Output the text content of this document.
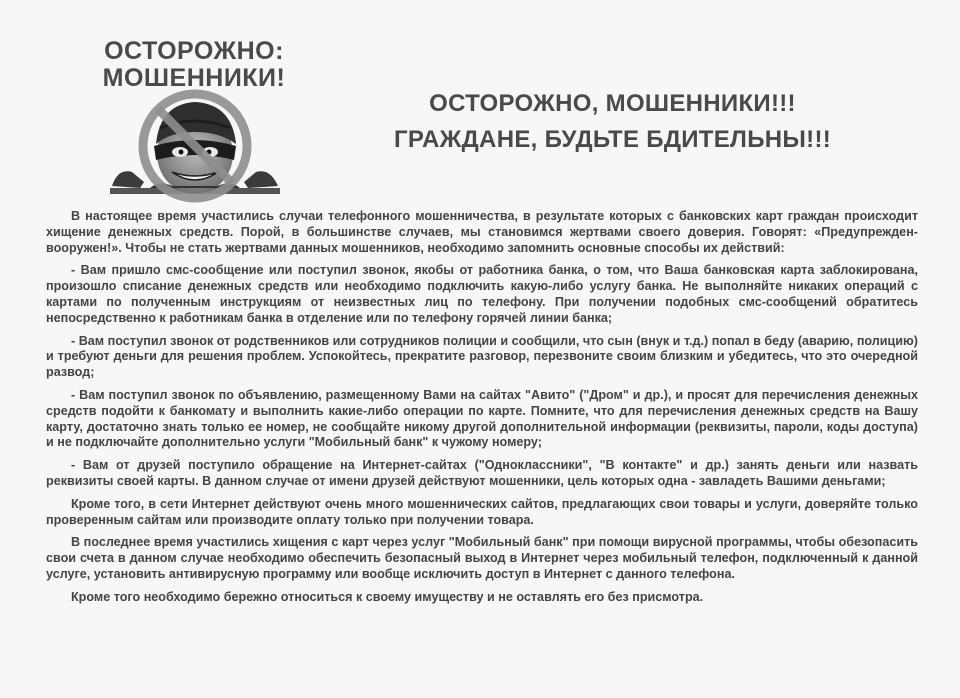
ОСТОРОЖНО:
МОШЕННИКИ!
ОСТОРОЖНО, МОШЕННИКИ!!!
ГРАЖДАНЕ, БУДЬТЕ БДИТЕЛЬНЫ!!!

В настоящее время участились случаи телефонного мошенничества, в результате которых с банковских карт граждан происходит хищение денежных средств. Порой, в большинстве случаев, мы становимся жертвами своего доверия. Говорят: «Предупрежден-вооружен!». Чтобы не стать жертвами данных мошенников, необходимо запомнить основные способы их действий:

- Вам пришло смс-сообщение или поступил звонок, якобы от работника банка, о том, что Ваша банковская карта заблокирована, произошло списание денежных средств или необходимо подключить какую-либо услугу банка. Не выполняйте никаких операций с картами по полученным инструкциям от неизвестных лиц по телефону. При получении подобных смс-сообщений обратитесь непосредственно к работникам банка в отделение или по телефону горячей линии банка;

- Вам поступил звонок от родственников или сотрудников полиции и сообщили, что сын (внук и т.д.) попал в беду (аварию, полицию) и требуют деньги для решения проблем. Успокойтесь, прекратите разговор, перезвоните своим близким и убедитесь, что это очередной развод;

- Вам поступил звонок по объявлению, размещенному Вами на сайтах "Авито" ("Дром" и др.), и просят для перечисления денежных средств подойти к банкомату и выполнить какие-либо операции по карте. Помните, что для перечисления денежных средств на Вашу карту, достаточно знать только ее номер, не сообщайте никому другой дополнительной информации (реквизиты, пароли, коды доступа) и не подключайте дополнительно услуги "Мобильный банк" к чужому номеру;

- Вам от друзей поступило обращение на Интернет-сайтах ("Одноклассники", "В контакте" и др.) занять деньги или назвать реквизиты своей карты. В данном случае от имени друзей действуют мошенники, цель которых одна - завладеть Вашими деньгами;

Кроме того, в сети Интернет действуют очень много мошеннических сайтов, предлагающих свои товары и услуги, доверяйте только проверенным сайтам или производите оплату только при получении товара.

В последнее время участились хищения с карт через услуг "Мобильный банк" при помощи вирусной программы, чтобы обезопасить свои счета в данном случае необходимо обеспечить безопасный выход в Интернет через мобильный телефон, подключенный к данной услуге, установить антивирусную программу или вообще исключить доступ в Интернет с данного телефона.

Кроме того необходимо бережно относиться к своему имуществу и не оставлять его без присмотра.
